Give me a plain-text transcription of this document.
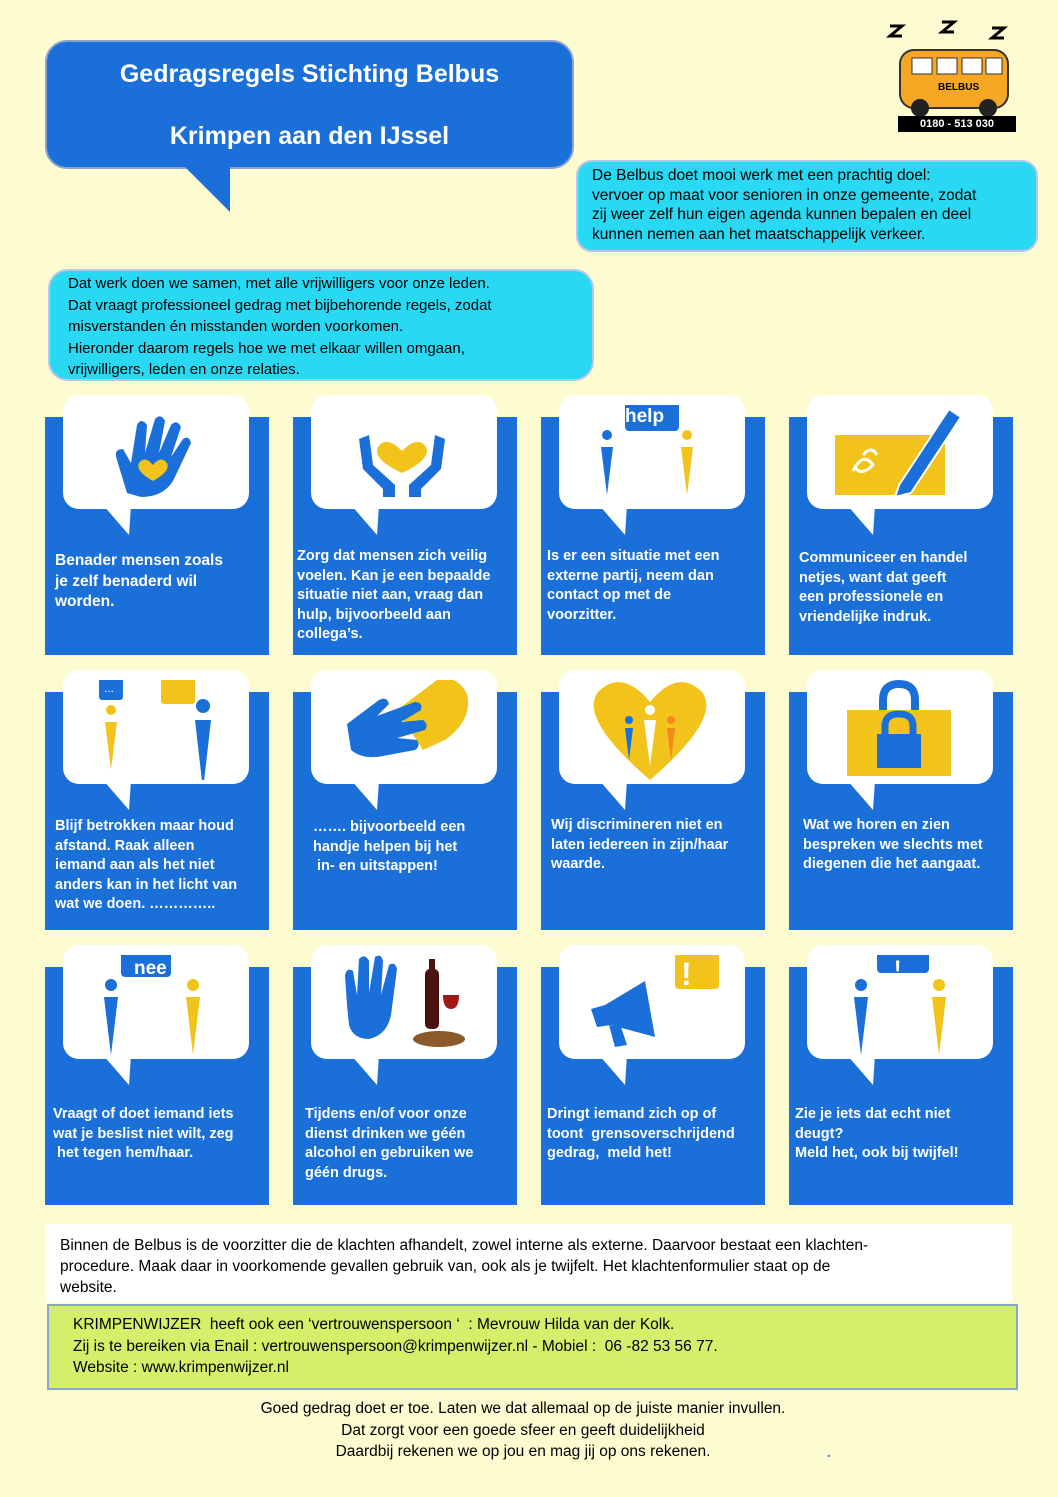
Gedragsregels Stichting Belbus
Krimpen aan den IJssel
BELBUS
0180 - 513 030
De Belbus doet mooi werk met een prachtig doel:
vervoer op maat voor senioren in onze gemeente, zodat
zij weer zelf hun eigen agenda kunnen bepalen en deel
kunnen nemen aan het maatschappelijk verkeer.
Dat werk doen we samen, met alle vrijwilligers voor onze leden.
Dat vraagt professioneel gedrag met bijbehorende regels, zodat
misverstanden én misstanden worden voorkomen.
Hieronder daarom regels hoe we met elkaar willen omgaan,
vrijwilligers, leden en onze relaties.
Benader mensen zoals
je zelf benaderd wil
worden.
Zorg dat mensen zich veilig
voelen. Kan je een bepaalde
situatie niet aan, vraag dan
hulp, bijvoorbeeld aan
collega’s.
help
Is er een situatie met een
externe partij, neem dan
contact op met de
voorzitter.
Communiceer en handel
netjes, want dat geeft
een professionele en
vriendelijke indruk.
...
Blijf betrokken maar houd
afstand. Raak alleen
iemand aan als het niet
anders kan in het licht van
wat we doen. …………..
……. bijvoorbeeld een
handje helpen bij het
in- en uitstappen!
Wij discrimineren niet en
laten iedereen in zijn/haar
waarde.
Wat we horen en zien
bespreken we slechts met
diegenen die het aangaat.
nee
Vraagt of doet iemand iets
wat je beslist niet wilt, zeg
het tegen hem/haar.
Tijdens en/of voor onze
dienst drinken we géén
alcohol en gebruiken we
géén drugs.
!
Dringt iemand zich op of
toont  grensoverschrijdend
gedrag,  meld het!
!
Zie je iets dat echt niet
deugt?
Meld het, ook bij twijfel!
Binnen de Belbus is de voorzitter die de klachten afhandelt, zowel interne als externe. Daarvoor bestaat een klachten-
procedure. Maak daar in voorkomende gevallen gebruik van, ook als je twijfelt. Het klachtenformulier staat op de
website.
KRIMPENWIJZER  heeft ook een ‘vertrouwenspersoon ‘  : Mevrouw Hilda van der Kolk.
Zij is te bereiken via Enail : vertrouwenspersoon@krimpenwijzer.nl - Mobiel :  06 -82 53 56 77.
Website : www.krimpenwijzer.nl
Goed gedrag doet er toe. Laten we dat allemaal op de juiste manier invullen.
Dat zorgt voor een goede sfeer en geeft duidelijkheid
Daardbij rekenen we op jou en mag jij op ons rekenen.	.
